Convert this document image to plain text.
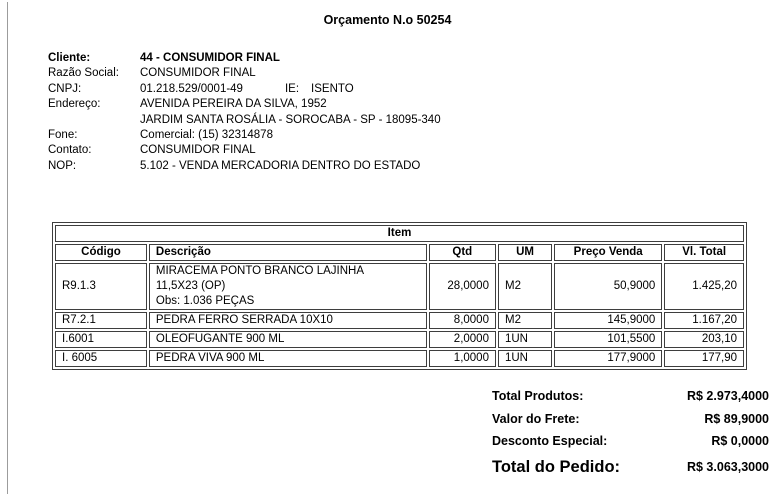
Orçamento N.o 50254
Cliente:	44 - CONSUMIDOR FINAL
Razão Social:	CONSUMIDOR FINAL
CNPJ:	01.218.529/0001-49	IE: ISENTO
Endereço:	AVENIDA PEREIRA DA SILVA, 1952
JARDIM SANTA ROSÁLIA - SOROCABA - SP - 18095-340
Fone:	Comercial: (15) 32314878
Contato:	CONSUMIDOR FINAL
NOP:	5.102 - VENDA MERCADORIA DENTRO DO ESTADO
Item					
Código	Descrição	Qtd	UM	Preço Venda	Vl. Total
R9.1.3	MIRACEMA PONTO BRANCO LAJINHA
11,5X23 (OP)
Obs: 1.036 PEÇAS	28,0000	M2	50,9000	1.425,20
R7.2.1	PEDRA FERRO SERRADA 10X10	8,0000	M2	145,9000	1.167,20
I.6001	OLEOFUGANTE 900 ML	2,0000	1UN	101,5500	203,10
I. 6005	PEDRA VIVA 900 ML	1,0000	1UN	177,9000	177,90
Total Produtos:	R$ 2.973,4000
Valor do Frete:	R$ 89,9000
Desconto Especial:	R$ 0,0000
Total do Pedido:	R$ 3.063,3000
